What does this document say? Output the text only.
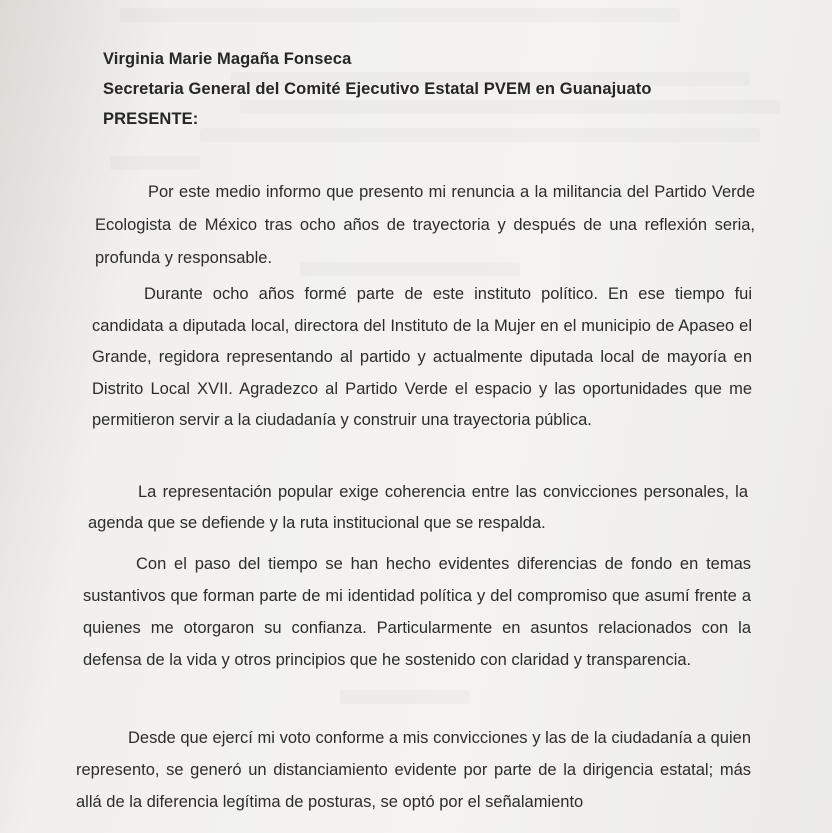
Virginia Marie Magaña Fonseca
Secretaria General del Comité Ejecutivo Estatal PVEM en Guanajuato
PRESENTE:
Por este medio informo que presento mi renuncia a la militancia del Partido Verde Ecologista de México tras ocho años de trayectoria y después de una reflexión seria, profunda y responsable.
Durante ocho años formé parte de este instituto político. En ese tiempo fui candidata a diputada local, directora del Instituto de la Mujer en el municipio de Apaseo el Grande, regidora representando al partido y actualmente diputada local de mayoría en Distrito Local XVII. Agradezco al Partido Verde el espacio y las oportunidades que me permitieron servir a la ciudadanía y construir una trayectoria pública.
La representación popular exige coherencia entre las convicciones personales, la agenda que se defiende y la ruta institucional que se respalda.
Con el paso del tiempo se han hecho evidentes diferencias de fondo en temas sustantivos que forman parte de mi identidad política y del compromiso que asumí frente a quienes me otorgaron su confianza. Particularmente en asuntos relacionados con la defensa de la vida y otros principios que he sostenido con claridad y transparencia.
Desde que ejercí mi voto conforme a mis convicciones y las de la ciudadanía a quien represento, se generó un distanciamiento evidente por parte de la dirigencia estatal; más allá de la diferencia legítima de posturas, se optó por el señalamiento
